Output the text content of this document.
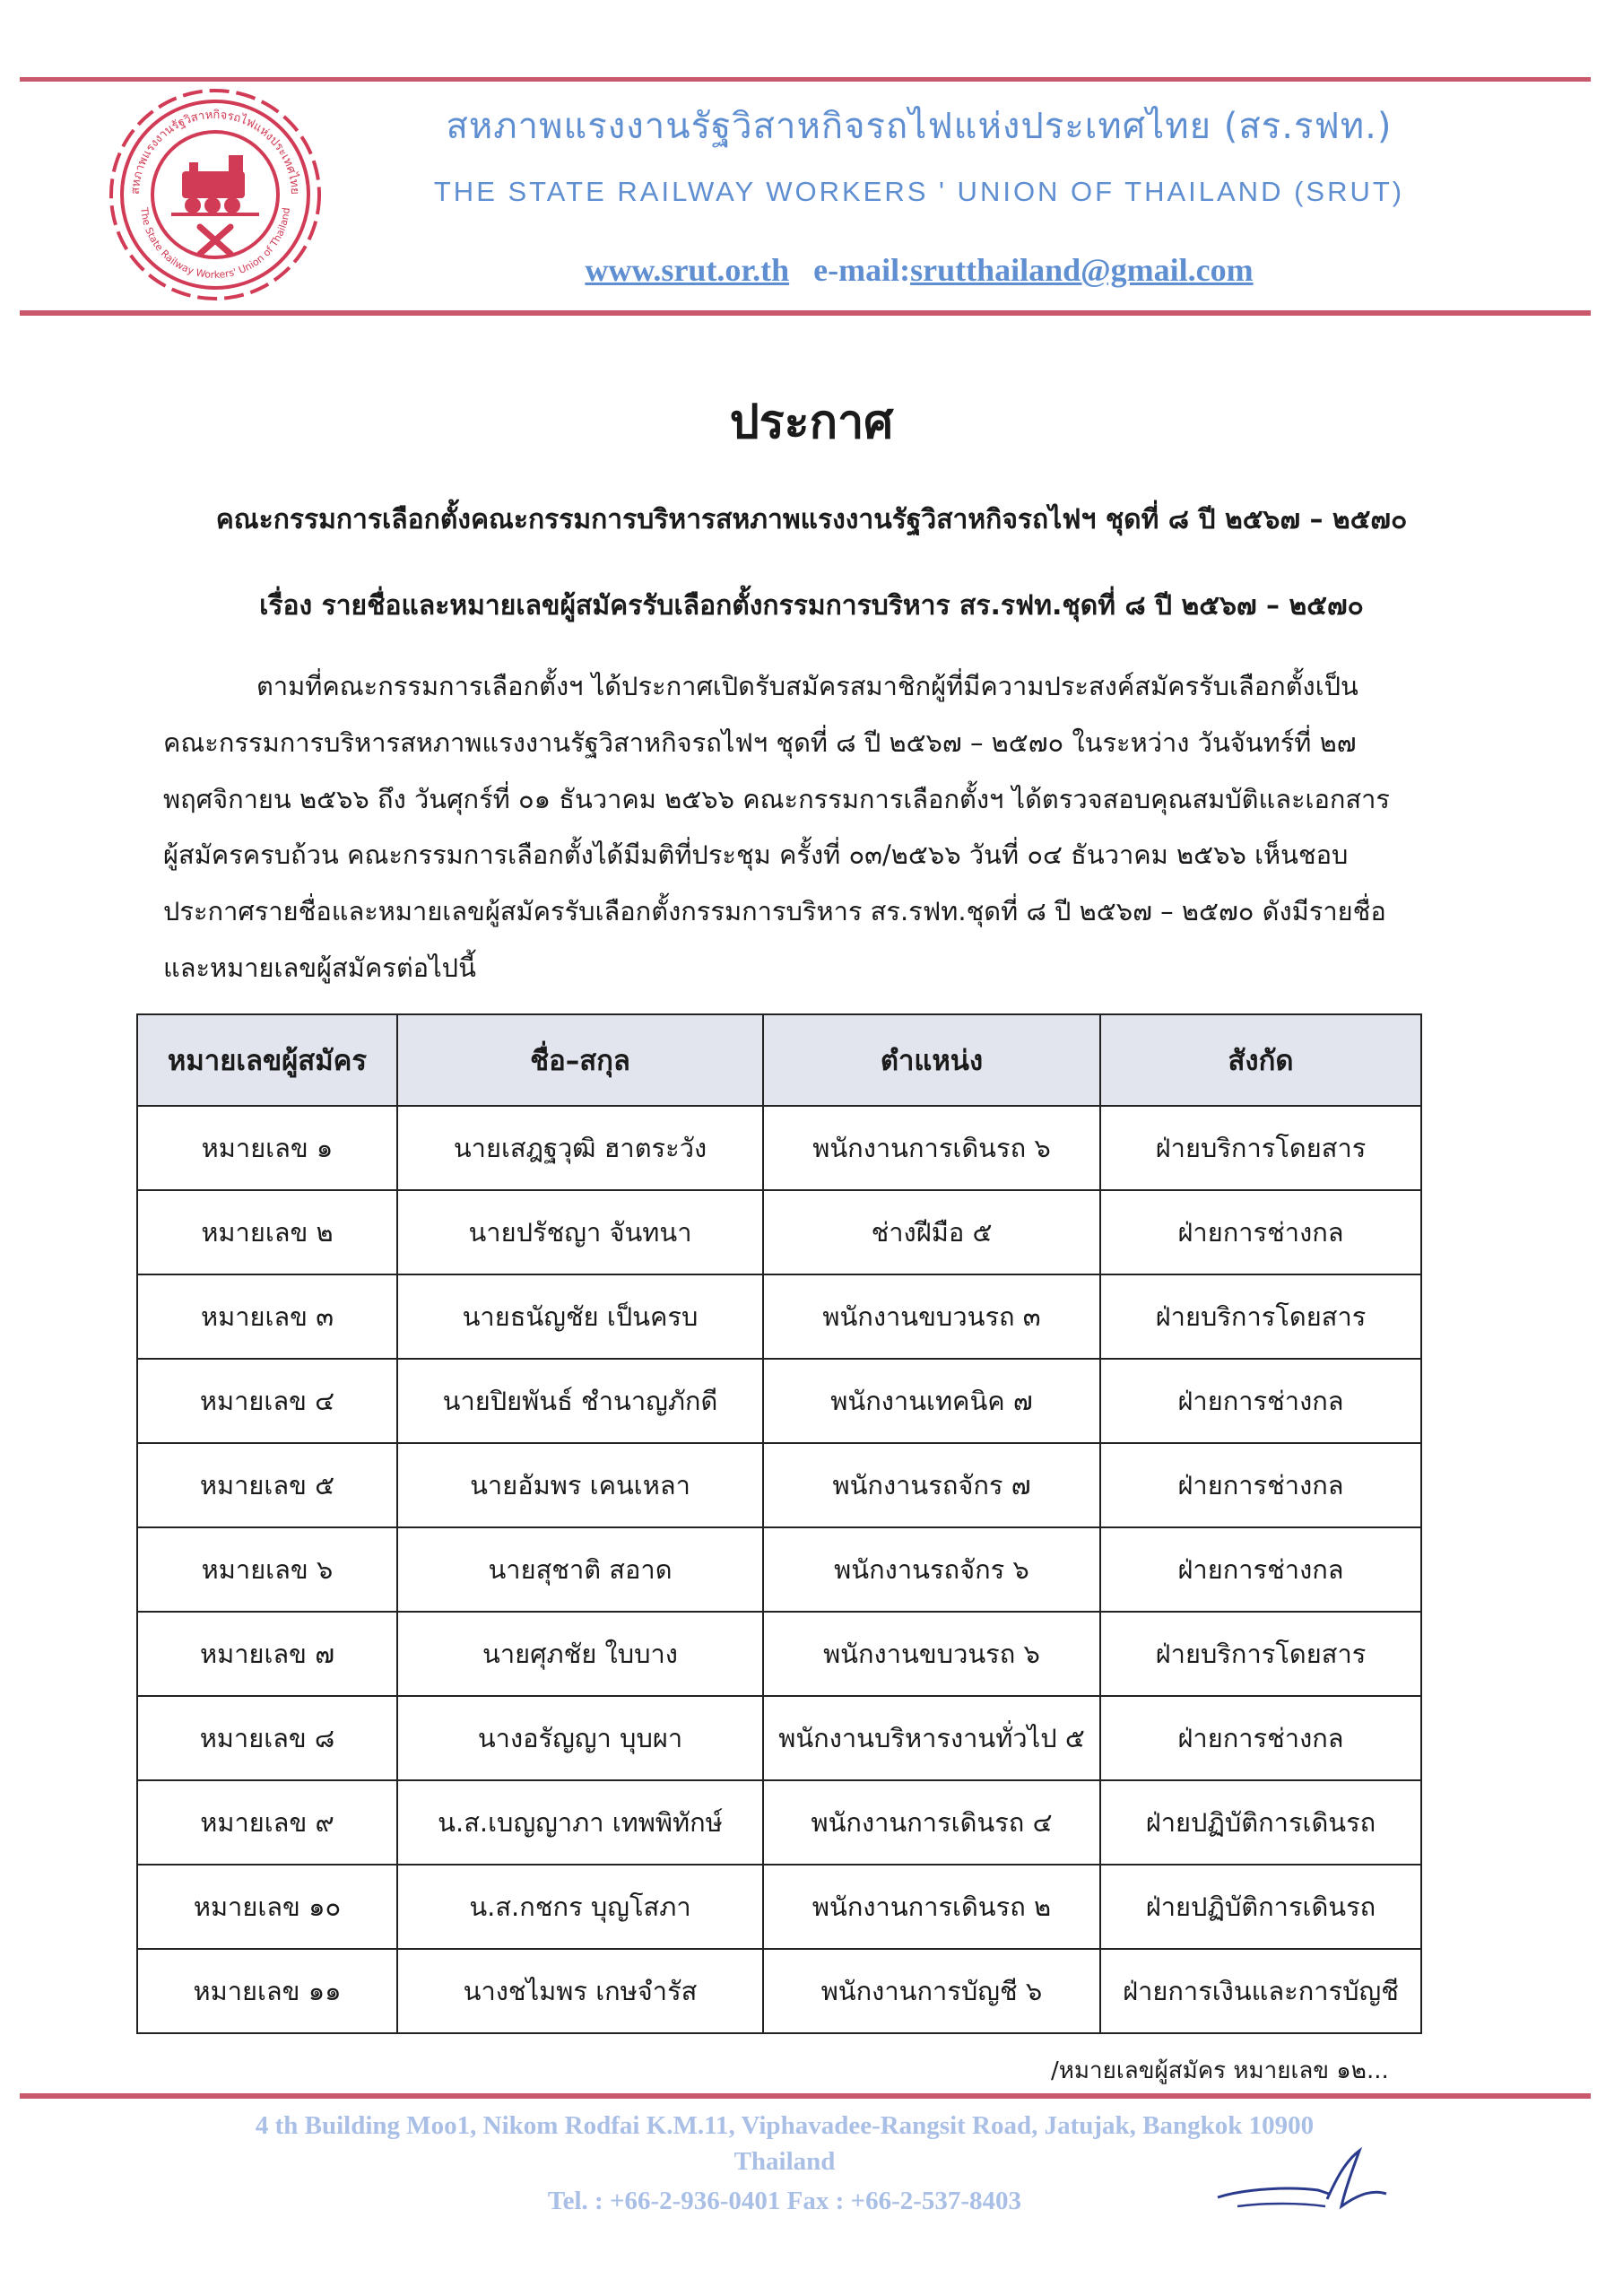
สหภาพแรงงานรัฐวิสาหกิจรถไฟแห่งประเทศไทย
The State Railway Workers' Union of Thailand
สหภาพแรงงานรัฐวิสาหกิจรถไฟแห่งประเทศไทย (สร.รฟท.)
THE STATE RAILWAY WORKERS ' UNION OF THAILAND (SRUT)
www.srut.or.th e-mail:srutthailand@gmail.com
ประกาศ
คณะกรรมการเลือกตั้งคณะกรรมการบริหารสหภาพแรงงานรัฐวิสาหกิจรถไฟฯ ชุดที่ ๘ ปี ๒๕๖๗ – ๒๕๗๐
เรื่อง รายชื่อและหมายเลขผู้สมัครรับเลือกตั้งกรรมการบริหาร สร.รฟท.ชุดที่ ๘ ปี ๒๕๖๗ – ๒๕๗๐
ตามที่คณะกรรมการเลือกตั้งฯ ได้ประกาศเปิดรับสมัครสมาชิกผู้ที่มีความประสงค์สมัครรับเลือกตั้งเป็น
คณะกรรมการบริหารสหภาพแรงงานรัฐวิสาหกิจรถไฟฯ ชุดที่ ๘ ปี ๒๕๖๗ – ๒๕๗๐ ในระหว่าง วันจันทร์ที่ ๒๗
พฤศจิกายน ๒๕๖๖ ถึง วันศุกร์ที่ ๐๑ ธันวาคม ๒๕๖๖ คณะกรรมการเลือกตั้งฯ ได้ตรวจสอบคุณสมบัติและเอกสาร
ผู้สมัครครบถ้วน คณะกรรมการเลือกตั้งได้มีมติที่ประชุม ครั้งที่ ๐๓/๒๕๖๖ วันที่ ๐๔ ธันวาคม ๒๕๖๖ เห็นชอบ
ประกาศรายชื่อและหมายเลขผู้สมัครรับเลือกตั้งกรรมการบริหาร สร.รฟท.ชุดที่ ๘ ปี ๒๕๖๗ – ๒๕๗๐ ดังมีรายชื่อ
และหมายเลขผู้สมัครต่อไปนี้
หมายเลขผู้สมัคร	ชื่อ–สกุล	ตำแหน่ง	สังกัด
หมายเลข ๑	นายเสฎฐวุฒิ ฮาตระวัง	พนักงานการเดินรถ ๖	ฝ่ายบริการโดยสาร
หมายเลข ๒	นายปรัชญา จันทนา	ช่างฝีมือ ๕	ฝ่ายการช่างกล
หมายเลข ๓	นายธนัญชัย เป็นครบ	พนักงานขบวนรถ ๓	ฝ่ายบริการโดยสาร
หมายเลข ๔	นายปิยพันธ์ ชำนาญภักดี	พนักงานเทคนิค ๗	ฝ่ายการช่างกล
หมายเลข ๕	นายอัมพร เคนเหลา	พนักงานรถจักร ๗	ฝ่ายการช่างกล
หมายเลข ๖	นายสุชาติ สอาด	พนักงานรถจักร ๖	ฝ่ายการช่างกล
หมายเลข ๗	นายศุภชัย ใบบาง	พนักงานขบวนรถ ๖	ฝ่ายบริการโดยสาร
หมายเลข ๘	นางอรัญญา บุบผา	พนักงานบริหารงานทั่วไป ๕	ฝ่ายการช่างกล
หมายเลข ๙	น.ส.เบญญาภา เทพพิทักษ์	พนักงานการเดินรถ ๔	ฝ่ายปฏิบัติการเดินรถ
หมายเลข ๑๐	น.ส.กชกร บุญโสภา	พนักงานการเดินรถ ๒	ฝ่ายปฏิบัติการเดินรถ
หมายเลข ๑๑	นางชไมพร เกษจำรัส	พนักงานการบัญชี ๖	ฝ่ายการเงินและการบัญชี
/หมายเลขผู้สมัคร หมายเลข ๑๒...
4 th Building Moo1, Nikom Rodfai K.M.11, Viphavadee-Rangsit Road, Jatujak, Bangkok 10900
Thailand
Tel. : +66-2-936-0401 Fax : +66-2-537-8403
